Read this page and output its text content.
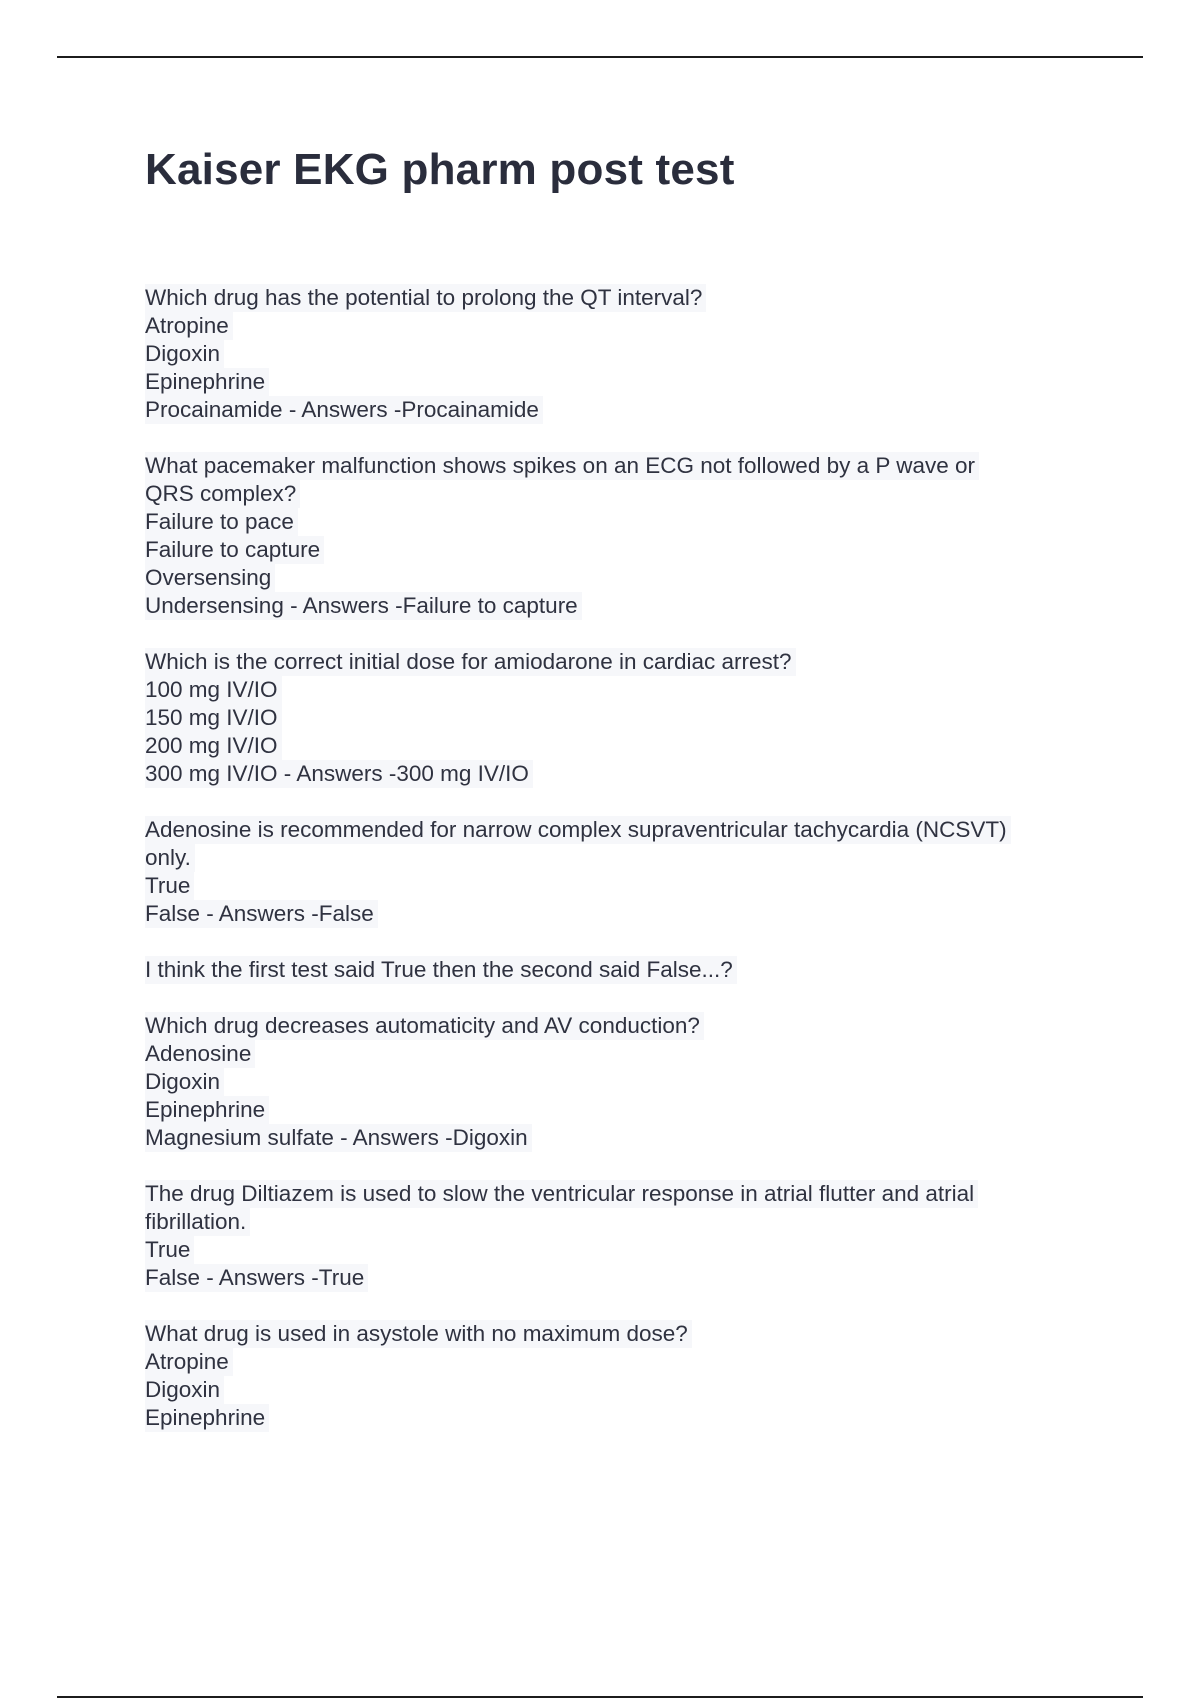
Kaiser EKG pharm post test
Which drug has the potential to prolong the QT interval?
Atropine
Digoxin
Epinephrine
Procainamide - Answers -Procainamide
What pacemaker malfunction shows spikes on an ECG not followed by a P wave or
QRS complex?
Failure to pace
Failure to capture
Oversensing
Undersensing - Answers -Failure to capture
Which is the correct initial dose for amiodarone in cardiac arrest?
100 mg IV/IO
150 mg IV/IO
200 mg IV/IO
300 mg IV/IO - Answers -300 mg IV/IO
Adenosine is recommended for narrow complex supraventricular tachycardia (NCSVT)
only.
True
False - Answers -False
I think the first test said True then the second said False...?
Which drug decreases automaticity and AV conduction?
Adenosine
Digoxin
Epinephrine
Magnesium sulfate - Answers -Digoxin
The drug Diltiazem is used to slow the ventricular response in atrial flutter and atrial
fibrillation.
True
False - Answers -True
What drug is used in asystole with no maximum dose?
Atropine
Digoxin
Epinephrine
